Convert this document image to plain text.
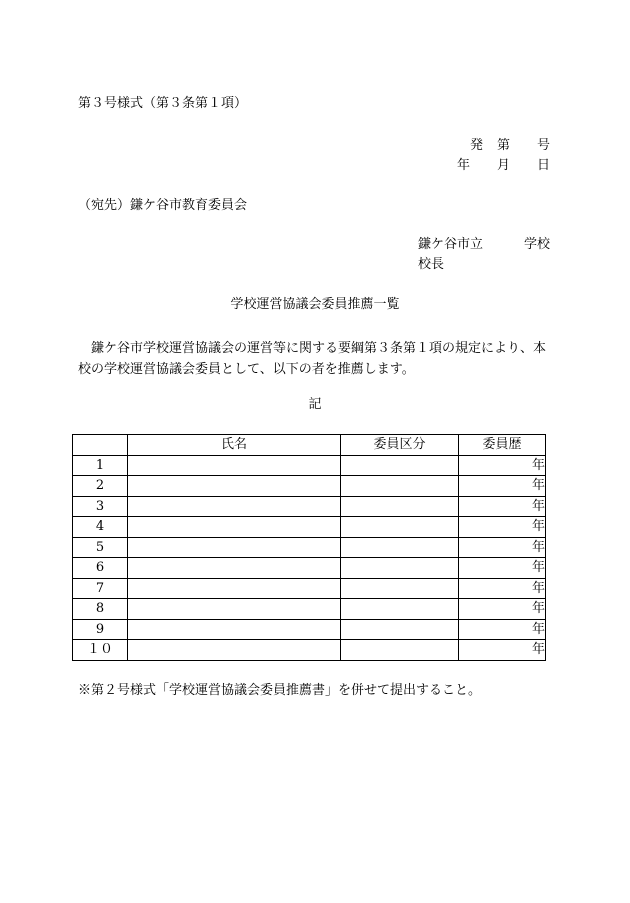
第３号様式（第３条第１項）
発 第 号
年 月 日
（宛先）鎌ケ谷市教育委員会
鎌ケ谷市立	学校
校長
学校運営協議会委員推薦一覧
鎌ケ谷市学校運営協議会の運営等に関する要綱第３条第１項の規定により、本校の学校運営協議会委員として、以下の者を推薦します。
記
	氏名	委員区分	委員歴
1			年
2			年
3			年
4			年
5			年
6			年
7			年
8			年
9			年
１０			年
※第２号様式「学校運営協議会委員推薦書」を併せて提出すること。
